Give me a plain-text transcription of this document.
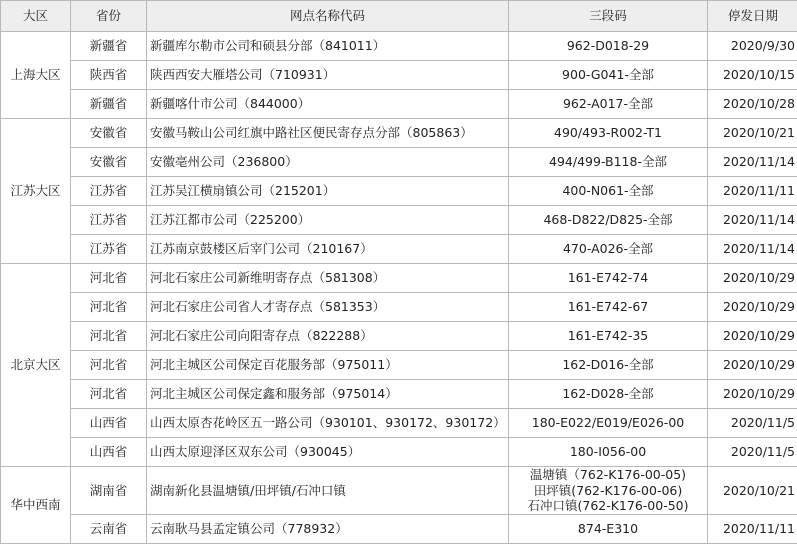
大区	省份	网点名称代码	三段码	停发日期
上海大区	新疆省	新疆库尔勒市公司和硕县分部（841011）	962-D018-29	2020/9/30
	陕西省	陕西西安大雁塔公司（710931）	900-G041-全部	2020/10/15
	新疆省	新疆喀什市公司（844000）	962-A017-全部	2020/10/28
江苏大区	安徽省	安徽马鞍山公司红旗中路社区便民寄存点分部（805863）	490/493-R002-T1	2020/10/21
	安徽省	安徽亳州公司（236800）	494/499-B118-全部	2020/11/14
	江苏省	江苏吴江横扇镇公司（215201）	400-N061-全部	2020/11/11
	江苏省	江苏江都市公司（225200）	468-D822/D825-全部	2020/11/14
	江苏省	江苏南京鼓楼区后宰门公司（210167）	470-A026-全部	2020/11/14
北京大区	河北省	河北石家庄公司新维明寄存点（581308）	161-E742-74	2020/10/29
	河北省	河北石家庄公司省人才寄存点（581353）	161-E742-67	2020/10/29
	河北省	河北石家庄公司向阳寄存点（822288）	161-E742-35	2020/10/29
	河北省	河北主城区公司保定百花服务部（975011）	162-D016-全部	2020/10/29
	河北省	河北主城区公司保定鑫和服务部（975014）	162-D028-全部	2020/10/29
	山西省	山西太原杏花岭区五一路公司（930101、930172、930172）	180-E022/E019/E026-00	2020/11/5
	山西省	山西太原迎泽区双东公司（930045）	180-I056-00	2020/11/5
华中西南	湖南省	湖南新化县温塘镇/田坪镇/石冲口镇	温塘镇（762-K176-00-05)
田坪镇(762-K176-00-06)
石冲口镇(762-K176-00-50)	2020/10/21
	云南省	云南耿马县孟定镇公司（778932）	874-E310	2020/11/11
